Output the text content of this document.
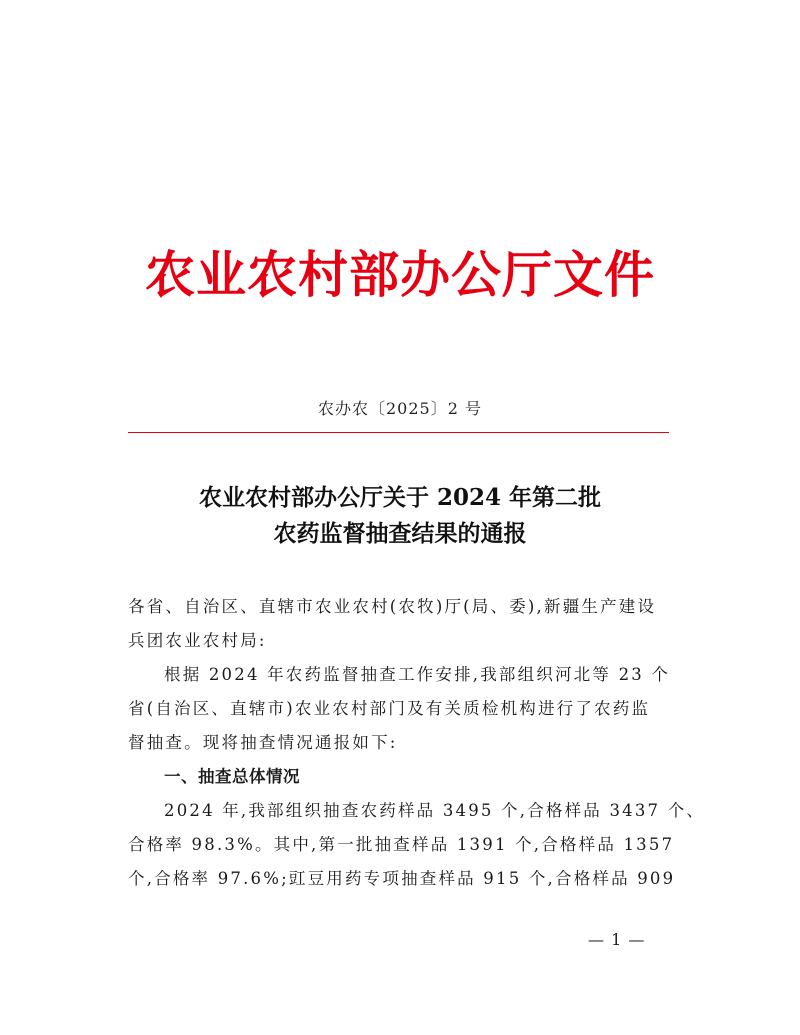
农业农村部办公厅文件
农办农〔2025〕2 号
农业农村部办公厅关于 2024 年第二批
农药监督抽查结果的通报

各省、自治区、直辖市农业农村(农牧)厅(局、委),新疆生产建设
兵团农业农村局:

根据 2024 年农药监督抽查工作安排,我部组织河北等 23 个
省(自治区、直辖市)农业农村部门及有关质检机构进行了农药监
督抽查。现将抽查情况通报如下:

一、抽查总体情况

2024 年,我部组织抽查农药样品 3495 个,合格样品 3437 个、
合格率 98.3%。其中,第一批抽查样品 1391 个,合格样品 1357
个,合格率 97.6%;豇豆用药专项抽查样品 915 个,合格样品 909

— 1 —
